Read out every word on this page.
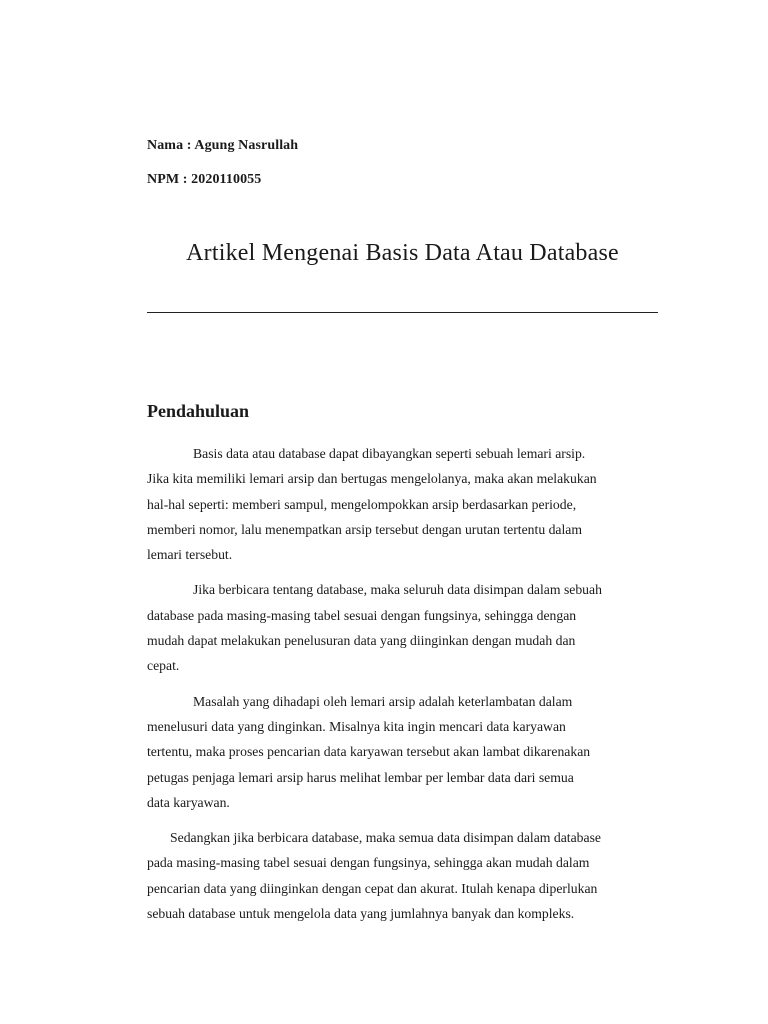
Nama : Agung Nasrullah
NPM : 2020110055
Artikel Mengenai Basis Data Atau Database
Pendahuluan

Basis data atau database dapat dibayangkan seperti sebuah lemari arsip.
Jika kita memiliki lemari arsip dan bertugas mengelolanya, maka akan melakukan
hal-hal seperti: memberi sampul, mengelompokkan arsip berdasarkan periode,
memberi nomor, lalu menempatkan arsip tersebut dengan urutan tertentu dalam
lemari tersebut.

Jika berbicara tentang database, maka seluruh data disimpan dalam sebuah
database pada masing-masing tabel sesuai dengan fungsinya, sehingga dengan
mudah dapat melakukan penelusuran data yang diinginkan dengan mudah dan
cepat.

Masalah yang dihadapi oleh lemari arsip adalah keterlambatan dalam
menelusuri data yang dinginkan. Misalnya kita ingin mencari data karyawan
tertentu, maka proses pencarian data karyawan tersebut akan lambat dikarenakan
petugas penjaga lemari arsip harus melihat lembar per lembar data dari semua
data karyawan.

Sedangkan jika berbicara database, maka semua data disimpan dalam database
pada masing-masing tabel sesuai dengan fungsinya, sehingga akan mudah dalam
pencarian data yang diinginkan dengan cepat dan akurat. Itulah kenapa diperlukan
sebuah database untuk mengelola data yang jumlahnya banyak dan kompleks.
